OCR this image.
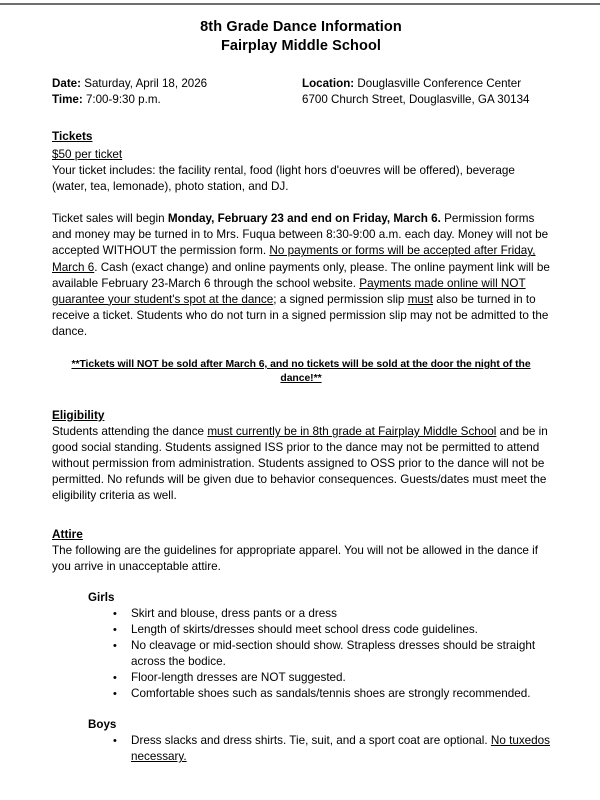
8th Grade Dance Information
Fairplay Middle School
Date: Saturday, April 18, 2026
Time: 7:00-9:30 p.m.
Location: Douglasville Conference Center
6700 Church Street, Douglasville, GA 30134
Tickets
$50 per ticket
Your ticket includes: the facility rental, food (light hors d'oeuvres will be offered), beverage (water, tea, lemonade), photo station, and DJ.
Ticket sales will begin Monday, February 23 and end on Friday, March 6. Permission forms and money may be turned in to Mrs. Fuqua between 8:30-9:00 a.m. each day. Money will not be accepted WITHOUT the permission form. No payments or forms will be accepted after Friday, March 6. Cash (exact change) and online payments only, please. The online payment link will be available February 23-March 6 through the school website. Payments made online will NOT guarantee your student's spot at the dance; a signed permission slip must also be turned in to receive a ticket. Students who do not turn in a signed permission slip may not be admitted to the dance.
**Tickets will NOT be sold after March 6, and no tickets will be sold at the door the night of the dance!**
Eligibility
Students attending the dance must currently be in 8th grade at Fairplay Middle School and be in good social standing. Students assigned ISS prior to the dance may not be permitted to attend without permission from administration. Students assigned to OSS prior to the dance will not be permitted. No refunds will be given due to behavior consequences. Guests/dates must meet the eligibility criteria as well.
Attire
The following are the guidelines for appropriate apparel. You will not be allowed in the dance if you arrive in unacceptable attire.
Girls
• Skirt and blouse, dress pants or a dress
• Length of skirts/dresses should meet school dress code guidelines.
• No cleavage or mid-section should show. Strapless dresses should be straight across the bodice.
• Floor-length dresses are NOT suggested.
• Comfortable shoes such as sandals/tennis shoes are strongly recommended.
Boys
• Dress slacks and dress shirts. Tie, suit, and a sport coat are optional. No tuxedos necessary.
